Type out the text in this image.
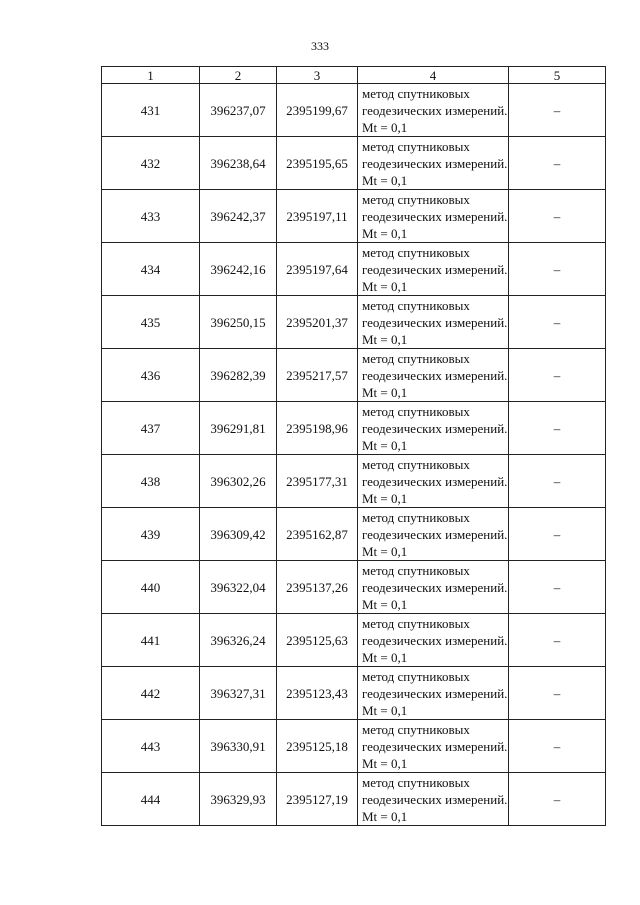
333
1	2	3	4	5
431	396237,07	2395199,67	метод спутниковых геодезических измерений. Mt = 0,1	–
432	396238,64	2395195,65	метод спутниковых геодезических измерений. Mt = 0,1	–
433	396242,37	2395197,11	метод спутниковых геодезических измерений. Mt = 0,1	–
434	396242,16	2395197,64	метод спутниковых геодезических измерений. Mt = 0,1	–
435	396250,15	2395201,37	метод спутниковых геодезических измерений. Mt = 0,1	–
436	396282,39	2395217,57	метод спутниковых геодезических измерений. Mt = 0,1	–
437	396291,81	2395198,96	метод спутниковых геодезических измерений. Mt = 0,1	–
438	396302,26	2395177,31	метод спутниковых геодезических измерений. Mt = 0,1	–
439	396309,42	2395162,87	метод спутниковых геодезических измерений. Mt = 0,1	–
440	396322,04	2395137,26	метод спутниковых геодезических измерений. Mt = 0,1	–
441	396326,24	2395125,63	метод спутниковых геодезических измерений. Mt = 0,1	–
442	396327,31	2395123,43	метод спутниковых геодезических измерений. Mt = 0,1	–
443	396330,91	2395125,18	метод спутниковых геодезических измерений. Mt = 0,1	–
444	396329,93	2395127,19	метод спутниковых геодезических измерений. Mt = 0,1	–
